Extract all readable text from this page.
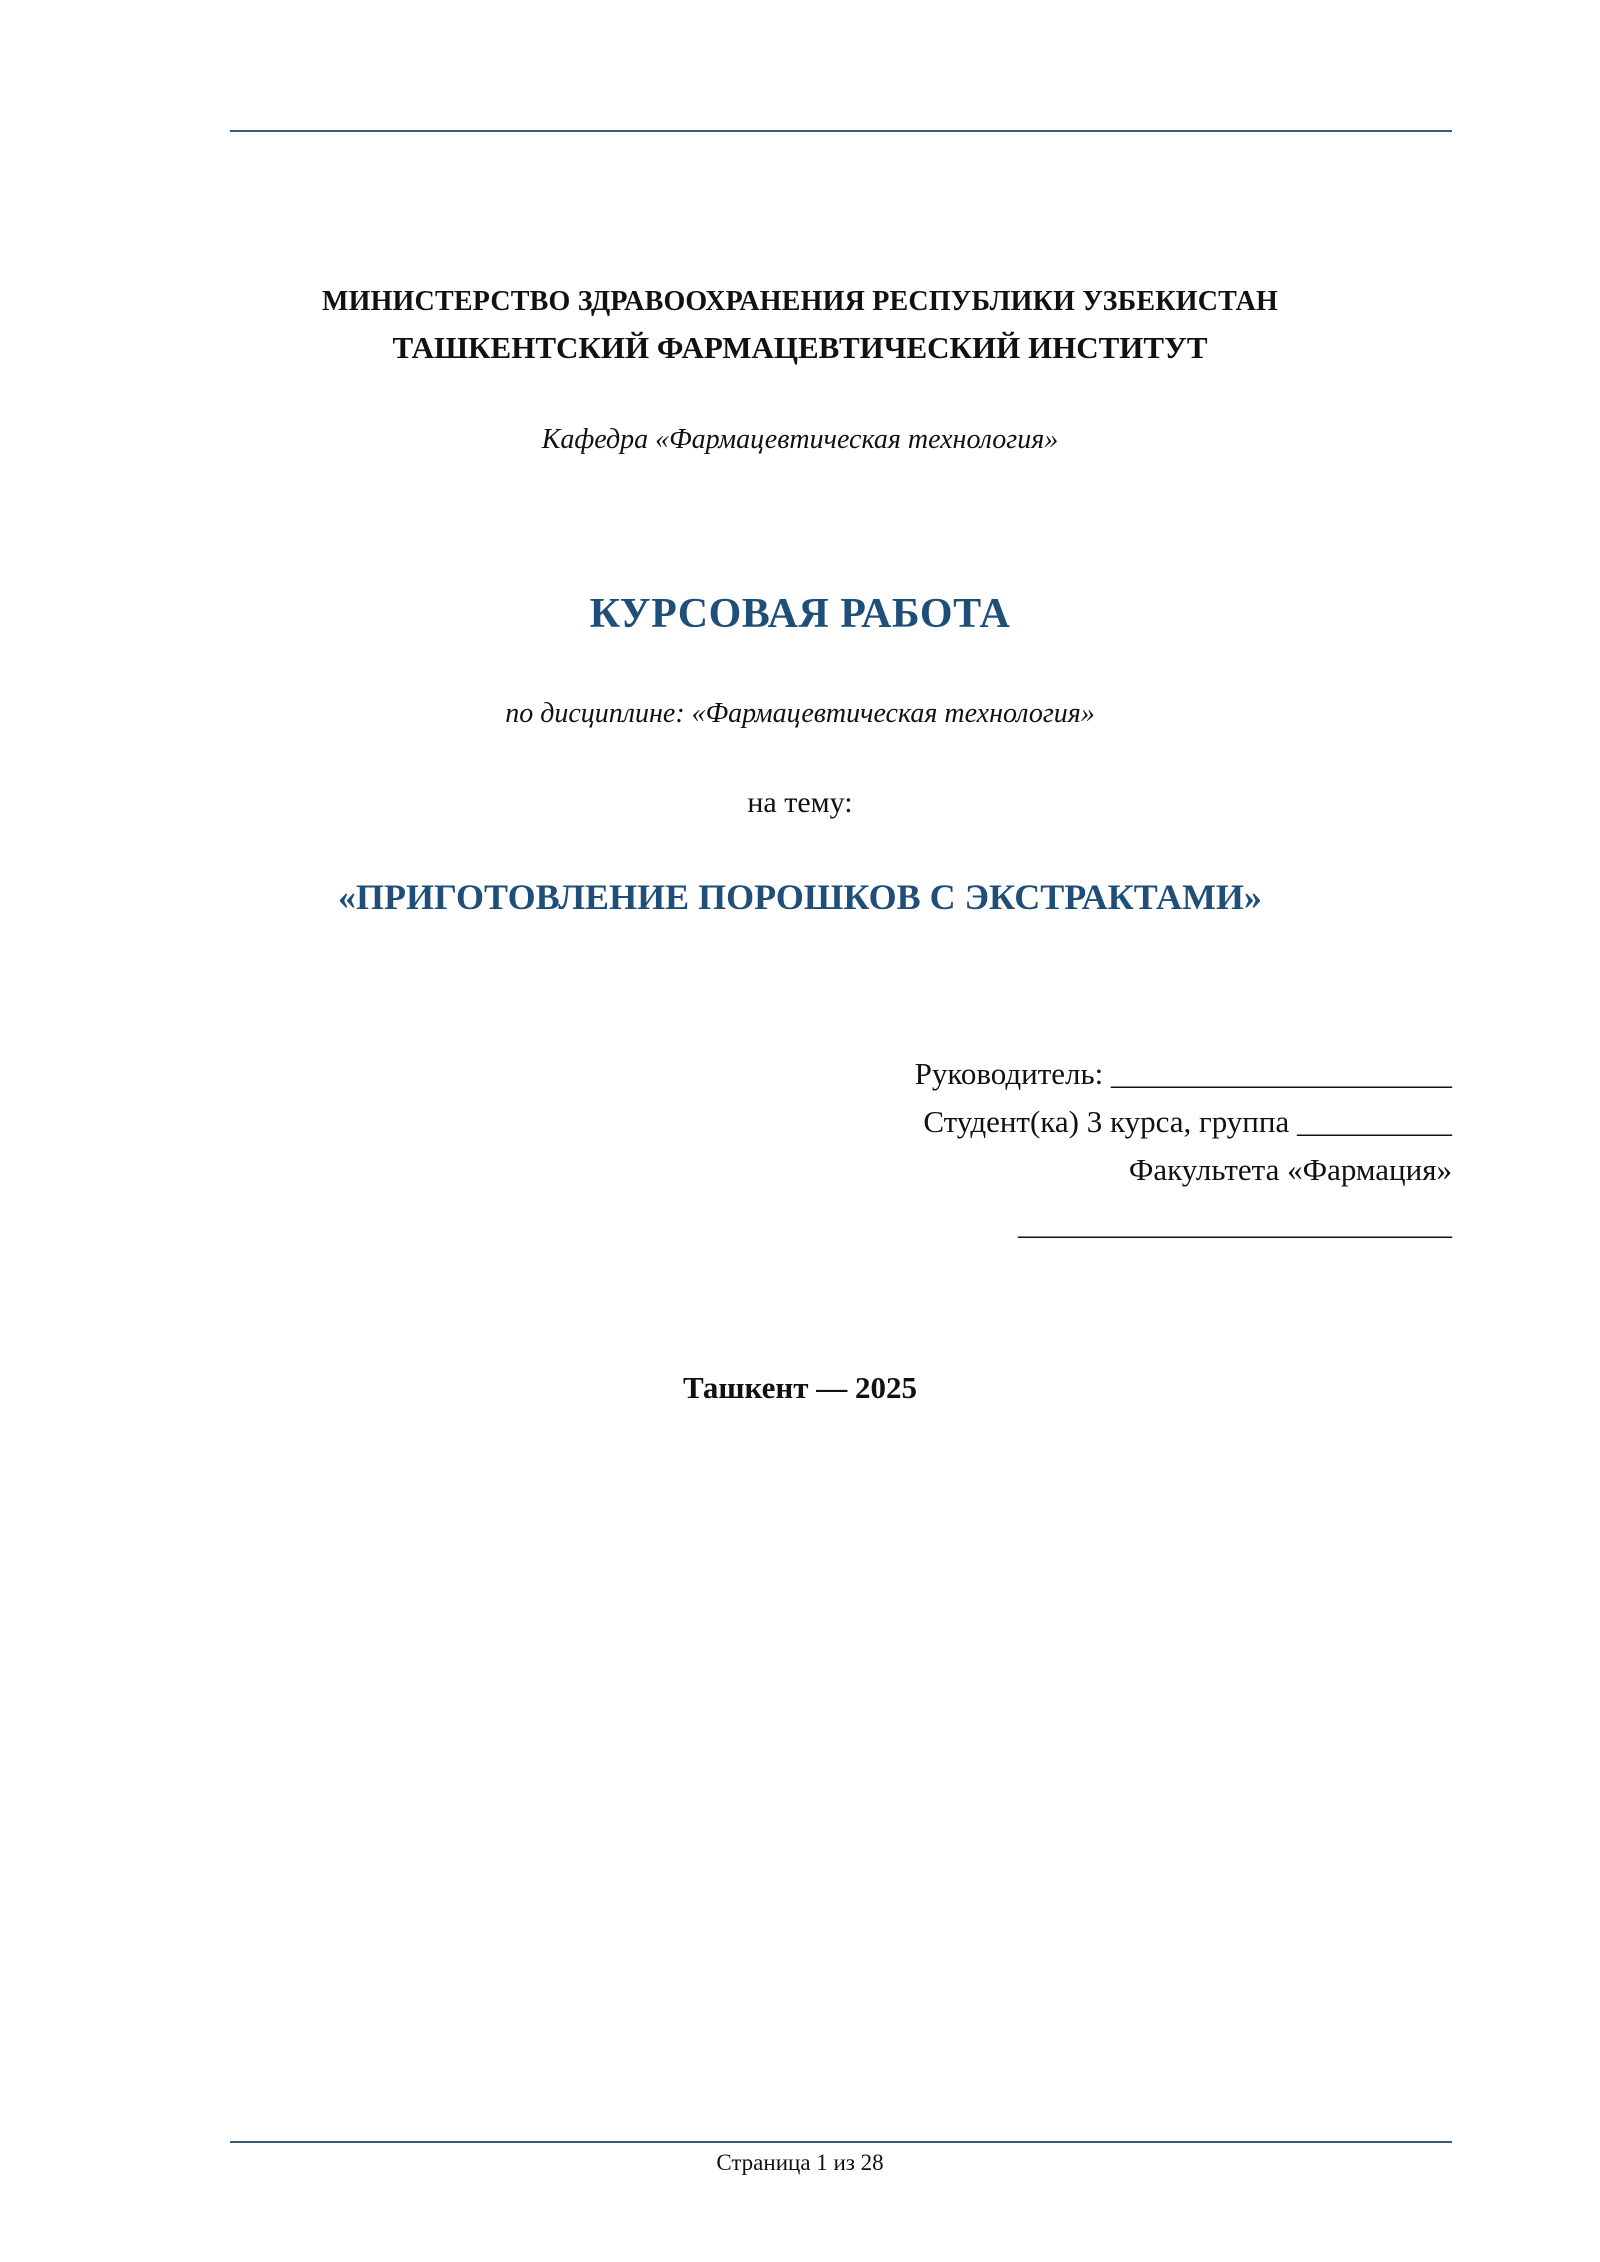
МИНИСТЕРСТВО ЗДРАВООХРАНЕНИЯ РЕСПУБЛИКИ УЗБЕКИСТАН
ТАШКЕНТСКИЙ ФАРМАЦЕВТИЧЕСКИЙ ИНСТИТУТ
Кафедра «Фармацевтическая технология»
КУРСОВАЯ РАБОТА
по дисциплине: «Фармацевтическая технология»
на тему:
«ПРИГОТОВЛЕНИЕ ПОРОШКОВ С ЭКСТРАКТАМИ»
Руководитель: ______________________
Студент(ка) 3 курса, группа __________
Факультета «Фармация»
____________________________
Ташкент — 2025
Страница 1 из 28
